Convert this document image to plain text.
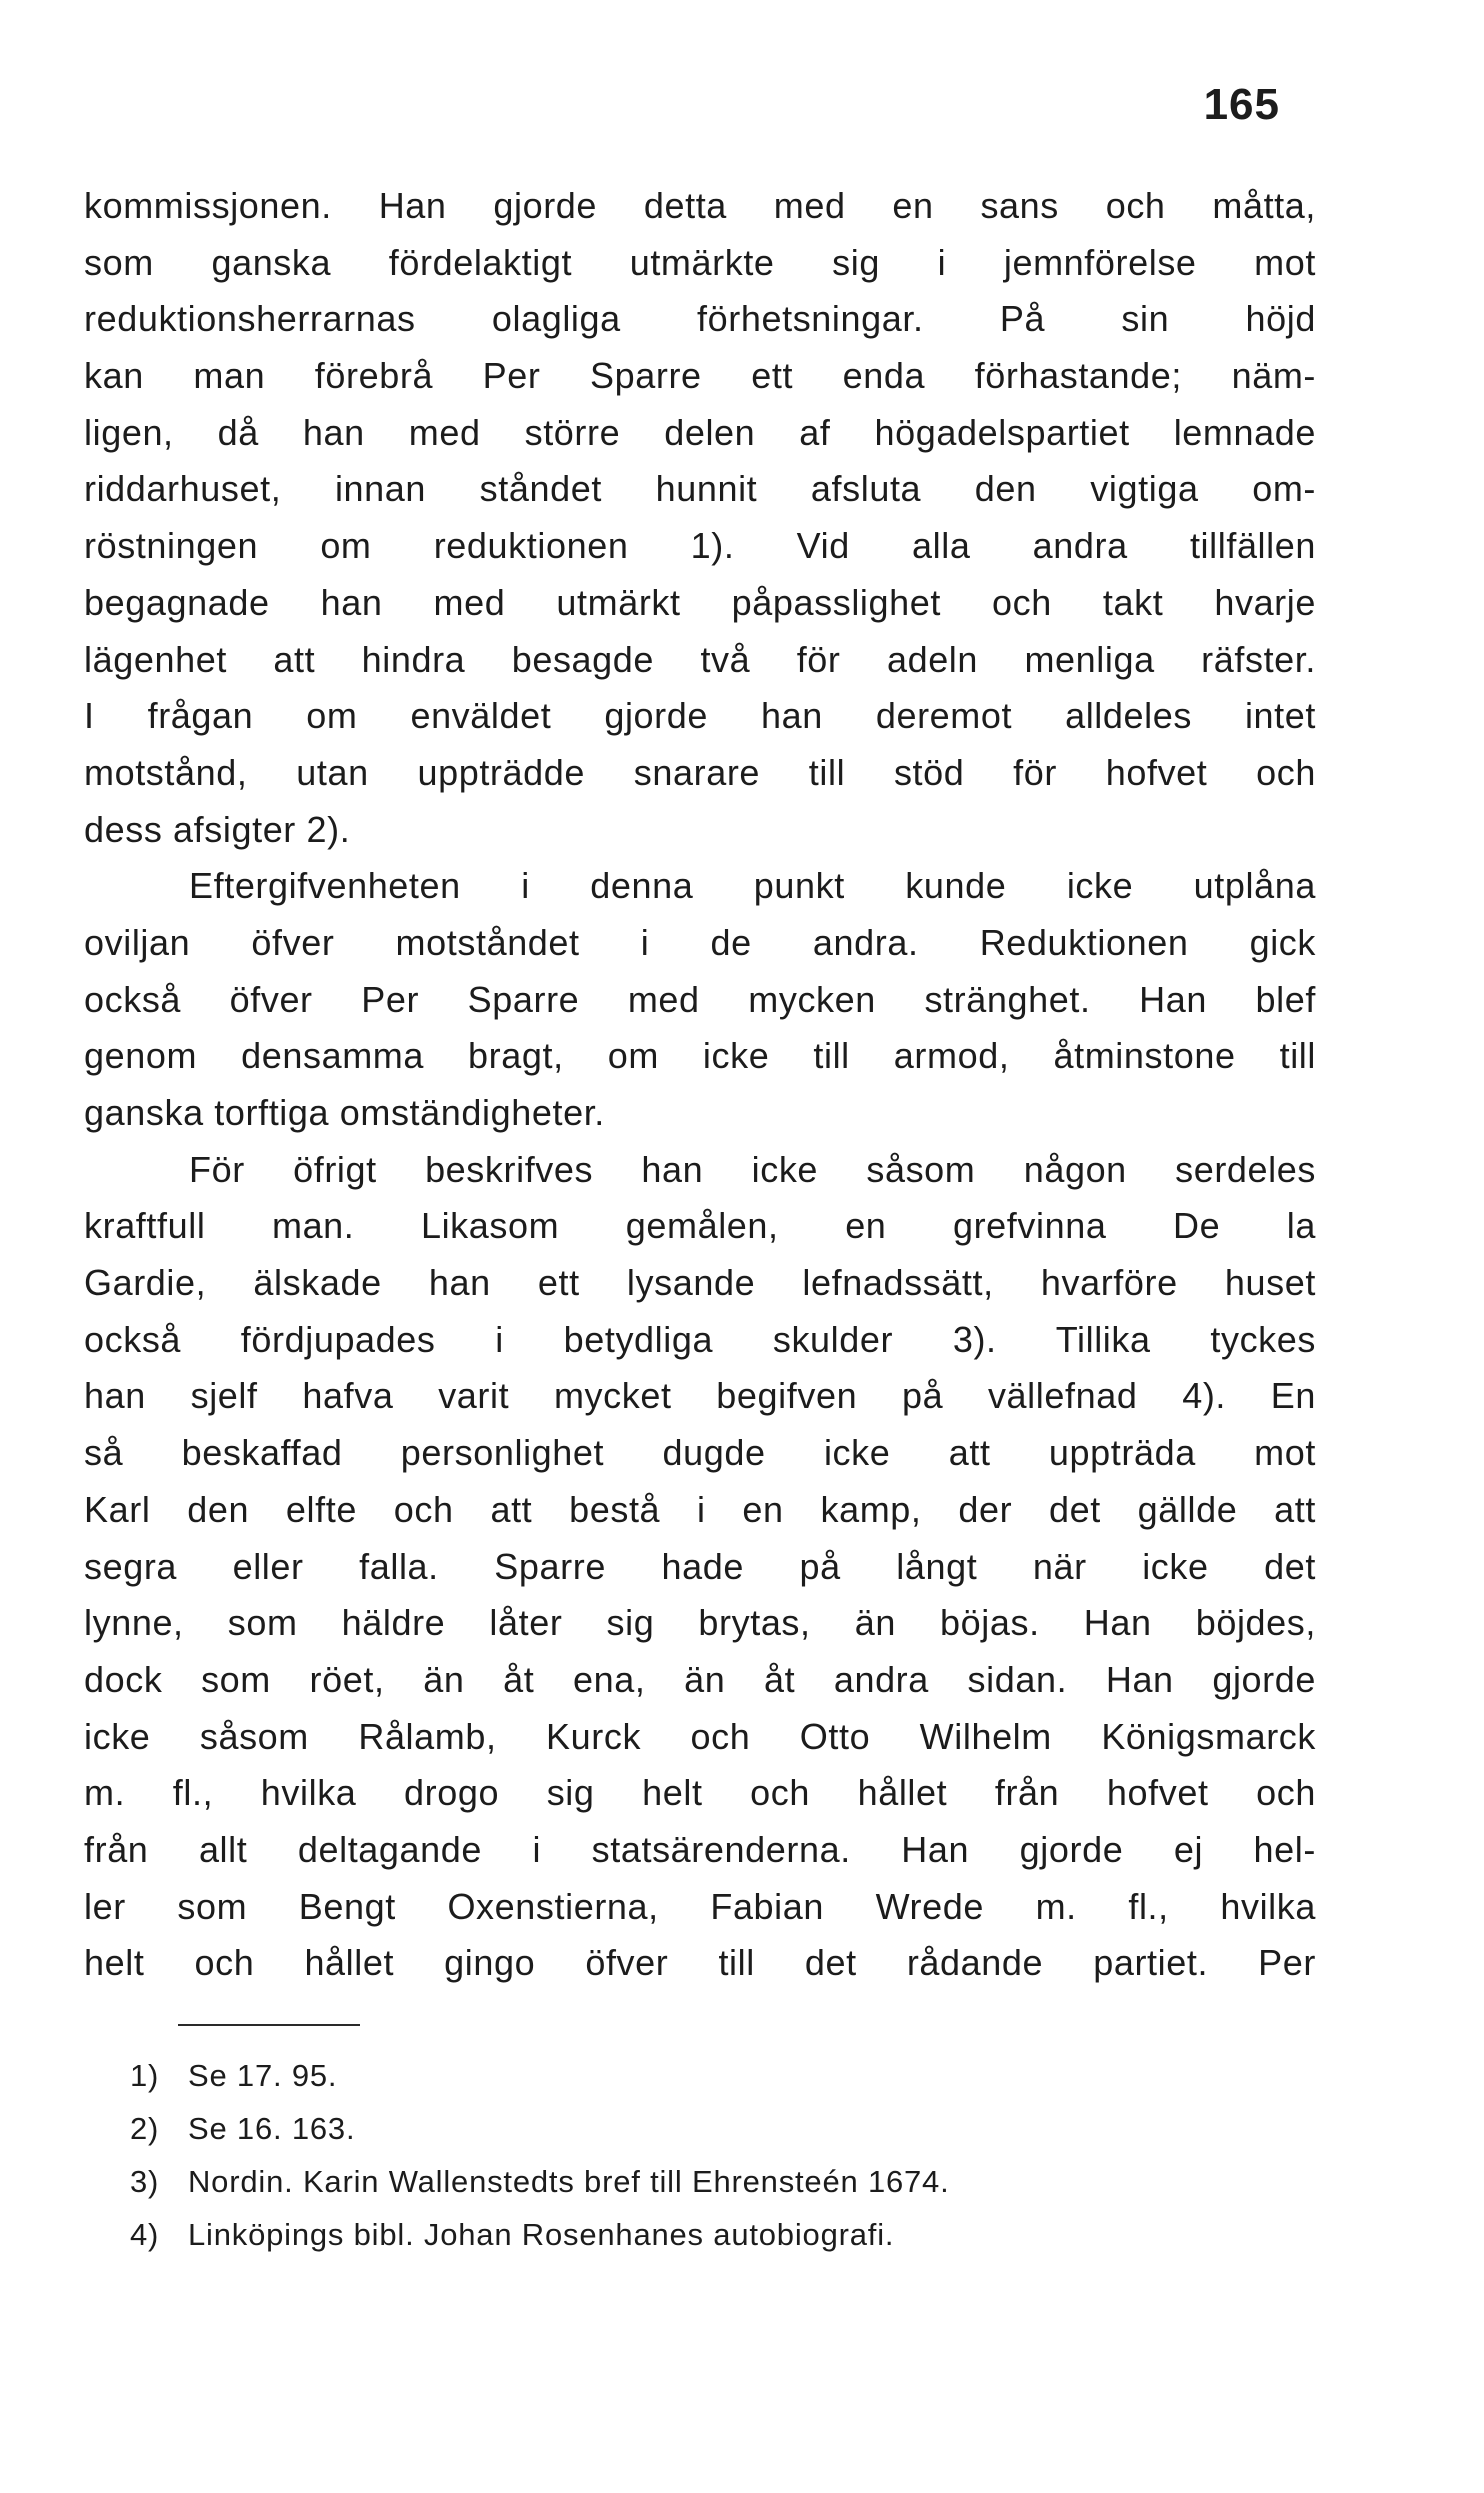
165
kommissjonen. Han gjorde detta med en sans och måtta,
som ganska fördelaktigt utmärkte sig i jemnförelse mot
reduktionsherrarnas olagliga förhetsningar. På sin höjd
kan man förebrå Per Sparre ett enda förhastande; näm-
ligen, då han med större delen af högadelspartiet lemnade
riddarhuset, innan ståndet hunnit afsluta den vigtiga om-
röstningen om reduktionen 1). Vid alla andra tillfällen
begagnade han med utmärkt påpasslighet och takt hvarje
lägenhet att hindra besagde två för adeln menliga räfster.
I frågan om enväldet gjorde han deremot alldeles intet
motstånd, utan uppträdde snarare till stöd för hofvet och
dess afsigter 2).
Eftergifvenheten i denna punkt kunde icke utplåna
oviljan öfver motståndet i de andra. Reduktionen gick
också öfver Per Sparre med mycken stränghet. Han blef
genom densamma bragt, om icke till armod, åtminstone till
ganska torftiga omständigheter.
För öfrigt beskrifves han icke såsom någon serdeles
kraftfull man. Likasom gemålen, en grefvinna De la
Gardie, älskade han ett lysande lefnadssätt, hvarföre huset
också fördjupades i betydliga skulder 3). Tillika tyckes
han sjelf hafva varit mycket begifven på vällefnad 4). En
så beskaffad personlighet dugde icke att uppträda mot
Karl den elfte och att bestå i en kamp, der det gällde att
segra eller falla. Sparre hade på långt när icke det
lynne, som häldre låter sig brytas, än böjas. Han böjdes,
dock som röet, än åt ena, än åt andra sidan. Han gjorde
icke såsom Rålamb, Kurck och Otto Wilhelm Königsmarck
m. fl., hvilka drogo sig helt och hållet från hofvet och
från allt deltagande i statsärenderna. Han gjorde ej hel-
ler som Bengt Oxenstierna, Fabian Wrede m. fl., hvilka
helt och hållet gingo öfver till det rådande partiet. Per
1) Se 17. 95.
2) Se 16. 163.
3) Nordin. Karin Wallenstedts bref till Ehrensteén 1674.
4) Linköpings bibl. Johan Rosenhanes autobiografi.
